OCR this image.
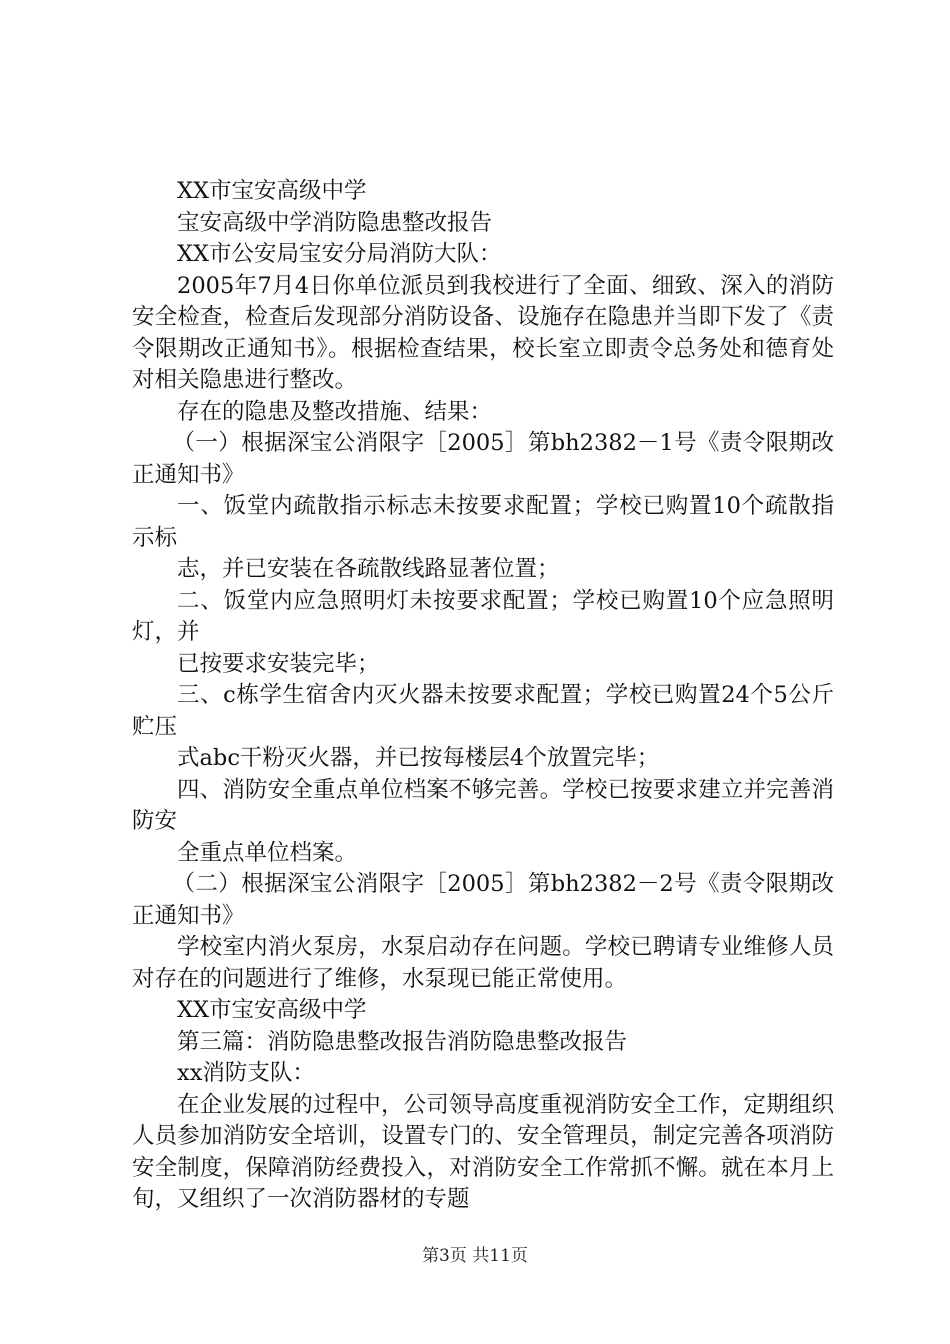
XX市宝安高级中学

宝安高级中学消防隐患整改报告

XX市公安局宝安分局消防大队：

2005年7月4日你单位派员到我校进行了全面、细致、深入的消防安全检查，检查后发现部分消防设备、设施存在隐患并当即下发了《责令限期改正通知书》。根据检查结果，校长室立即责令总务处和德育处对相关隐患进行整改。

存在的隐患及整改措施、结果：

（一）根据深宝公消限字［2005］第bh2382－1号《责令限期改正通知书》

一、饭堂内疏散指示标志未按要求配置；学校已购置10个疏散指示标

志，并已安装在各疏散线路显著位置；

二、饭堂内应急照明灯未按要求配置；学校已购置10个应急照明灯，并

已按要求安装完毕；

三、c栋学生宿舍内灭火器未按要求配置；学校已购置24个5公斤贮压

式abc干粉灭火器，并已按每楼层4个放置完毕；

四、消防安全重点单位档案不够完善。学校已按要求建立并完善消防安

全重点单位档案。

（二）根据深宝公消限字［2005］第bh2382－2号《责令限期改正通知书》

学校室内消火泵房，水泵启动存在问题。学校已聘请专业维修人员对存在的问题进行了维修，水泵现已能正常使用。

XX市宝安高级中学

第三篇：消防隐患整改报告消防隐患整改报告

xx消防支队：

在企业发展的过程中，公司领导高度重视消防安全工作，定期组织人员参加消防安全培训，设置专门的、安全管理员，制定完善各项消防安全制度，保障消防经费投入，对消防安全工作常抓不懈。就在本月上旬，又组织了一次消防器材的专题

第3页 共11页
